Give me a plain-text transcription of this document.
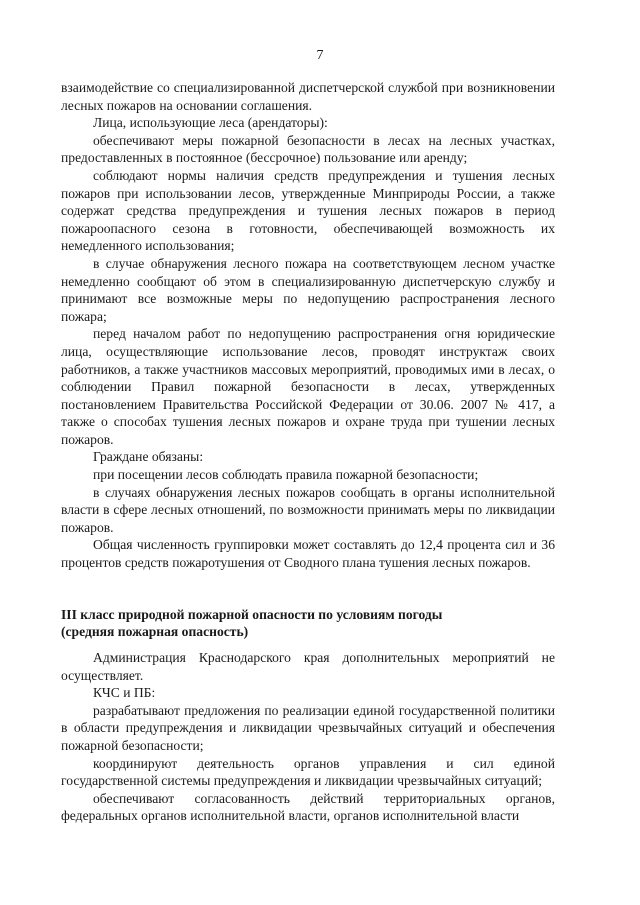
7

взаимодействие со специализированной диспетчерской службой при возникновении лесных пожаров на основании соглашения.

Лица, использующие леса (арендаторы):

обеспечивают меры пожарной безопасности в лесах на лесных участках, предоставленных в постоянное (бессрочное) пользование или аренду;

соблюдают нормы наличия средств предупреждения и тушения лесных пожаров при использовании лесов, утвержденные Минприроды России, а также содержат средства предупреждения и тушения лесных пожаров в период пожароопасного сезона в готовности, обеспечивающей возможность их немедленного использования;

в случае обнаружения лесного пожара на соответствующем лесном участке немедленно сообщают об этом в специализированную диспетчерскую службу и принимают все возможные меры по недопущению распространения лесного пожара;

перед началом работ по недопущению распространения огня юридические лица, осуществляющие использование лесов, проводят инструктаж своих работников, а также участников массовых мероприятий, проводимых ими в лесах, о соблюдении Правил пожарной безопасности в лесах, утвержденных постановлением Правительства Российской Федерации от 30.06. 2007 № 417, а также о способах тушения лесных пожаров и охране труда при тушении лесных пожаров.

Граждане обязаны:

при посещении лесов соблюдать правила пожарной безопасности;

в случаях обнаружения лесных пожаров сообщать в органы исполнительной власти в сфере лесных отношений, по возможности принимать меры по ликвидации пожаров.

Общая численность группировки может составлять до 12,4 процента сил и 36 процентов средств пожаротушения от Сводного плана тушения лесных пожаров.

III класс природной пожарной опасности по условиям погоды

(средняя пожарная опасность)

Администрация Краснодарского края дополнительных мероприятий не осуществляет.

КЧС и ПБ:

разрабатывают предложения по реализации единой государственной политики в области предупреждения и ликвидации чрезвычайных ситуаций и обеспечения пожарной безопасности;

координируют деятельность органов управления и сил единой государственной системы предупреждения и ликвидации чрезвычайных ситуаций;

обеспечивают согласованность действий территориальных органов, федеральных органов исполнительной власти, органов исполнительной власти
